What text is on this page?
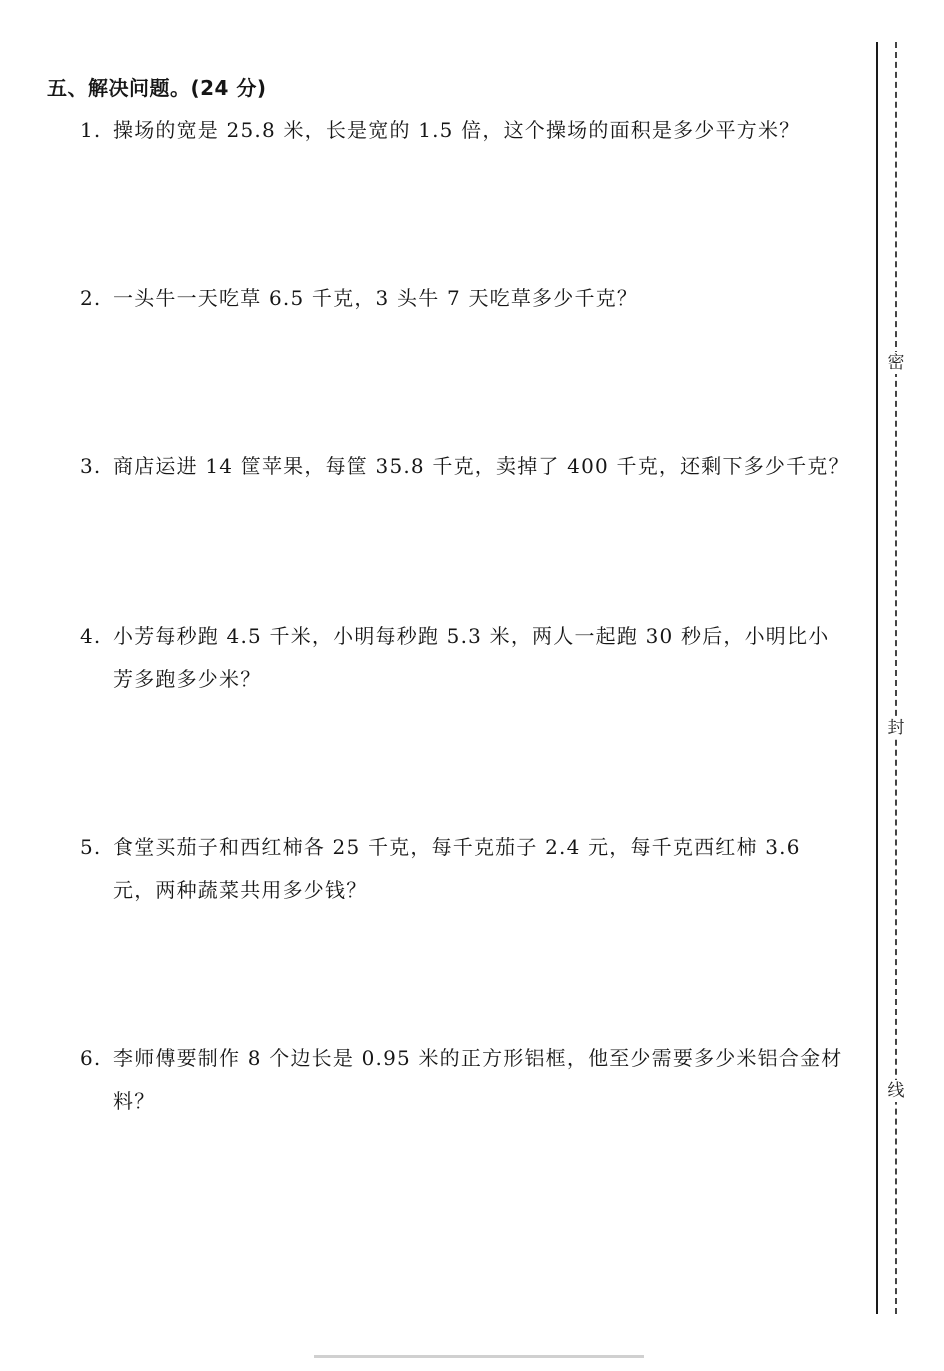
五、解决问题。(24 分)
1. 操场的宽是 25.8 米，长是宽的 1.5 倍，这个操场的面积是多少平方米？
2. 一头牛一天吃草 6.5 千克，3 头牛 7 天吃草多少千克？
3. 商店运进 14 筐苹果，每筐 35.8 千克，卖掉了 400 千克，还剩下多少千克？
4. 小芳每秒跑 4.5 千米，小明每秒跑 5.3 米，两人一起跑 30 秒后，小明比小芳多跑多少米？
5. 食堂买茄子和西红柿各 25 千克，每千克茄子 2.4 元，每千克西红柿 3.6 元，两种蔬菜共用多少钱？
6. 李师傅要制作 8 个边长是 0.95 米的正方形铝框，他至少需要多少米铝合金材料？
密
封
线
